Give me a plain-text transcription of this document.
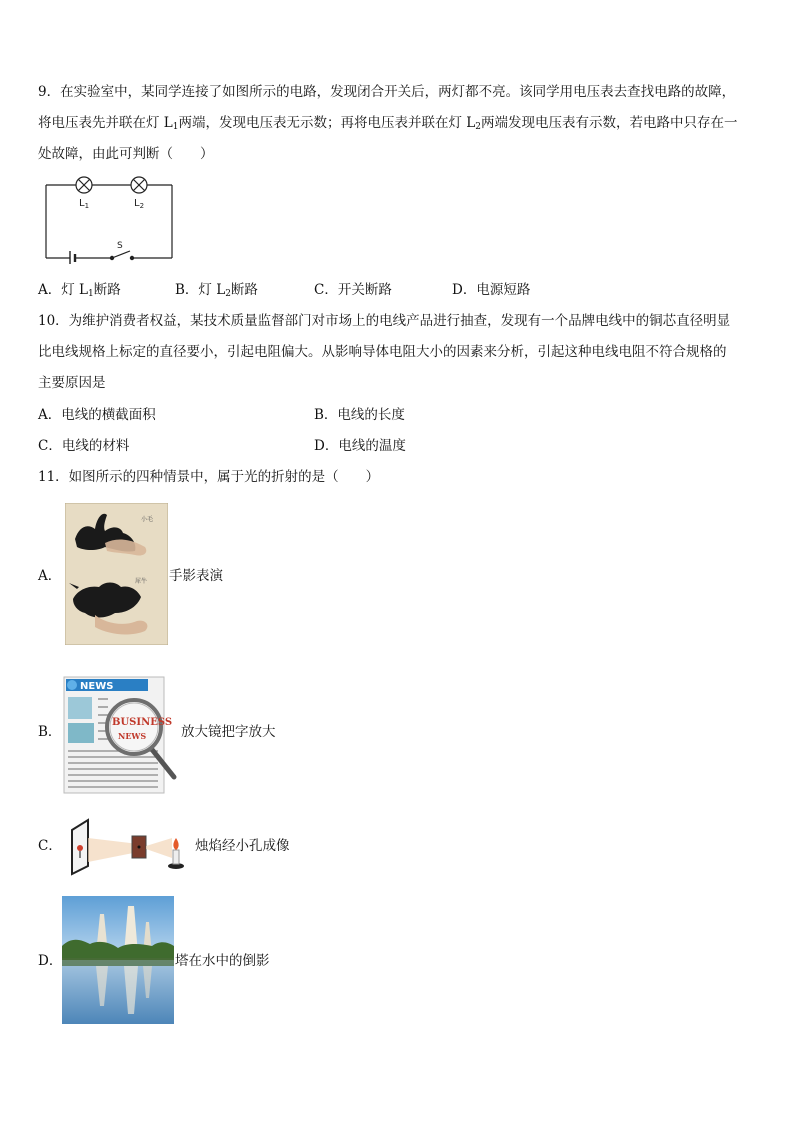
9．在实验室中，某同学连接了如图所示的电路，发现闭合开关后，两灯都不亮。该同学用电压表去查找电路的故障，
将电压表先并联在灯 $L_1$两端，发现电压表无示数；再将电压表并联在灯 $L_2$两端发现电压表有示数，若电路中只存在一
处故障，由此可判断（　　）
$L_1$	$L_2$
S
A．灯 $L_1$断路	B．灯 $L_2$断路	C．开关断路	D．电源短路
10．为维护消费者权益，某技术质量监督部门对市场上的电线产品进行抽查，发现有一个品牌电线中的铜芯直径明显
比电线规格上标定的直径要小，引起电阻偏大。从影响导体电阻大小的因素来分析，引起这种电线电阻不符合规格的
主要原因是
A．电线的横截面积	B．电线的长度
C．电线的材料	D．电线的温度
11．如图所示的四种情景中，属于光的折射的是（　　）
A．
小毛
犀牛 手影表演
B．
NEWS
BUSINESS
NEWS	放大镜把字放大
C．	烛焰经小孔成像
D．	塔在水中的倒影
